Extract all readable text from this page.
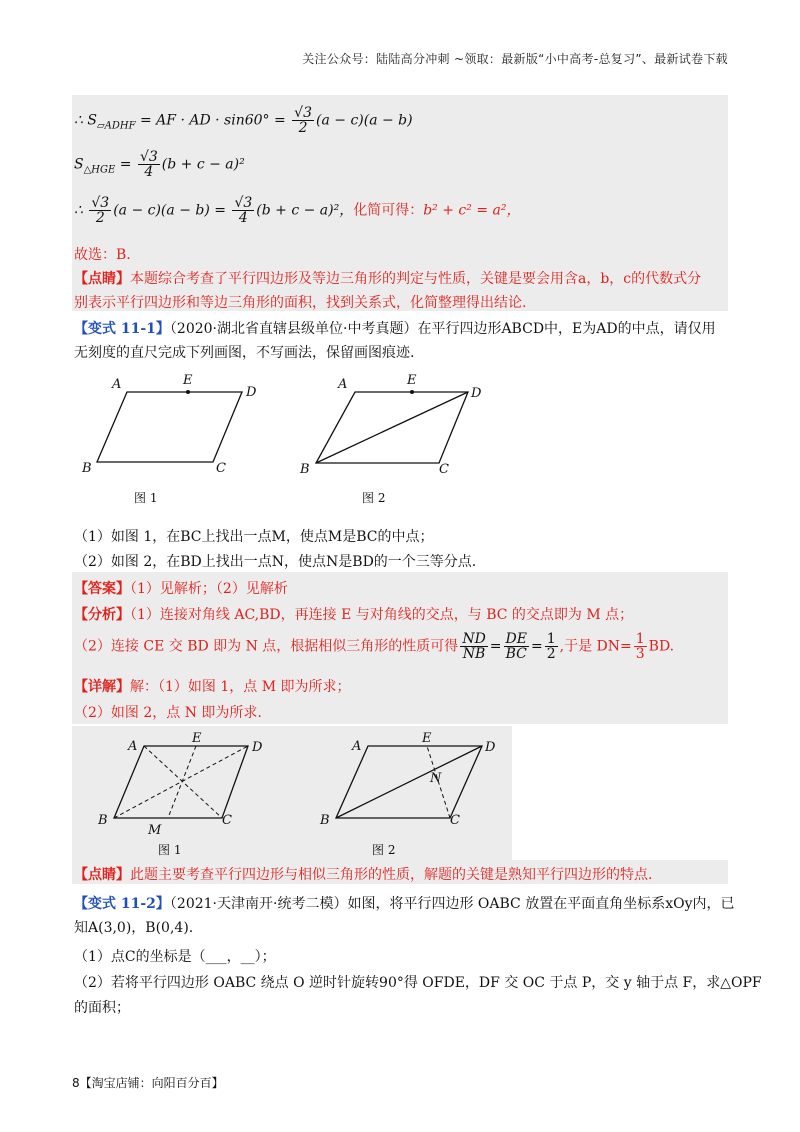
关注公众号：陆陆高分冲刺 ~领取：最新版“小中高考-总复习”、最新试卷下载
∴ $S_{▱ADHF}$ = AF · AD · $\sin 60^\circ = \frac{√3}{2} (a - c)(a - b)$
$S_{\triangle HGE} = \frac{√3}{4} (b + c - a)^2$
∴ $\frac{√3}{2} (a - c)(a - b) = \frac{√3}{4} (b + c - a)^2$，化简可得：b² + c² = a²，
故选：B.
【点睛】本题综合考查了平行四边形及等边三角形的判定与性质，关键是要会用含a，b，c的代数式分
别表示平行四边形和等边三角形的面积，找到关系式，化简整理得出结论.
【变式 11-1】（2020·湖北省直辖县级单位·中考真题）在平行四边形ABCD中，E为AD的中点，请仅用
无刻度的直尺完成下列画图，不写画法，保留画图痕迹.
A	E
D
B	C
图 1
A	E
D
B	C
图 2
（1）如图 1，在BC上找出一点M，使点M是BC的中点；
（2）如图 2，在BD上找出一点N，使点N是BD的一个三等分点.
【答案】（1）见解析；（2）见解析
【分析】（1）连接对角线 AC,BD，再连接 E 与对角线的交点，与 BC 的交点即为 M 点；
（2）连接 CE 交 BD 即为 N 点，根据相似三角形的性质可得 $\frac{ND}{NB} = \frac{DE}{BC} = \frac{1}{2}$ ,于是 $DN= \frac{1}{3}$ BD.
【详解】解：（1）如图 1，点 M 即为所求；
（2）如图 2，点 N 即为所求.
A
E
D
B	C
M
图 1
A
E
D
B	C
N
图 2
【点睛】此题主要考查平行四边形与相似三角形的性质，解题的关键是熟知平行四边形的特点.
【变式 11-2】（2021·天津南开·统考二模）如图，将平行四边形 OABC 放置在平面直角坐标系xOy内，已
知A(3,0)，B(0,4).
（1）点C的坐标是（___，__）；
（2）若将平行四边形 OABC 绕点 O 逆时针旋转90°得 OFDE，DF 交 OC 于点 P，交 y 轴于点 F，求△OPF
的面积；
8【淘宝店铺：向阳百分百】
